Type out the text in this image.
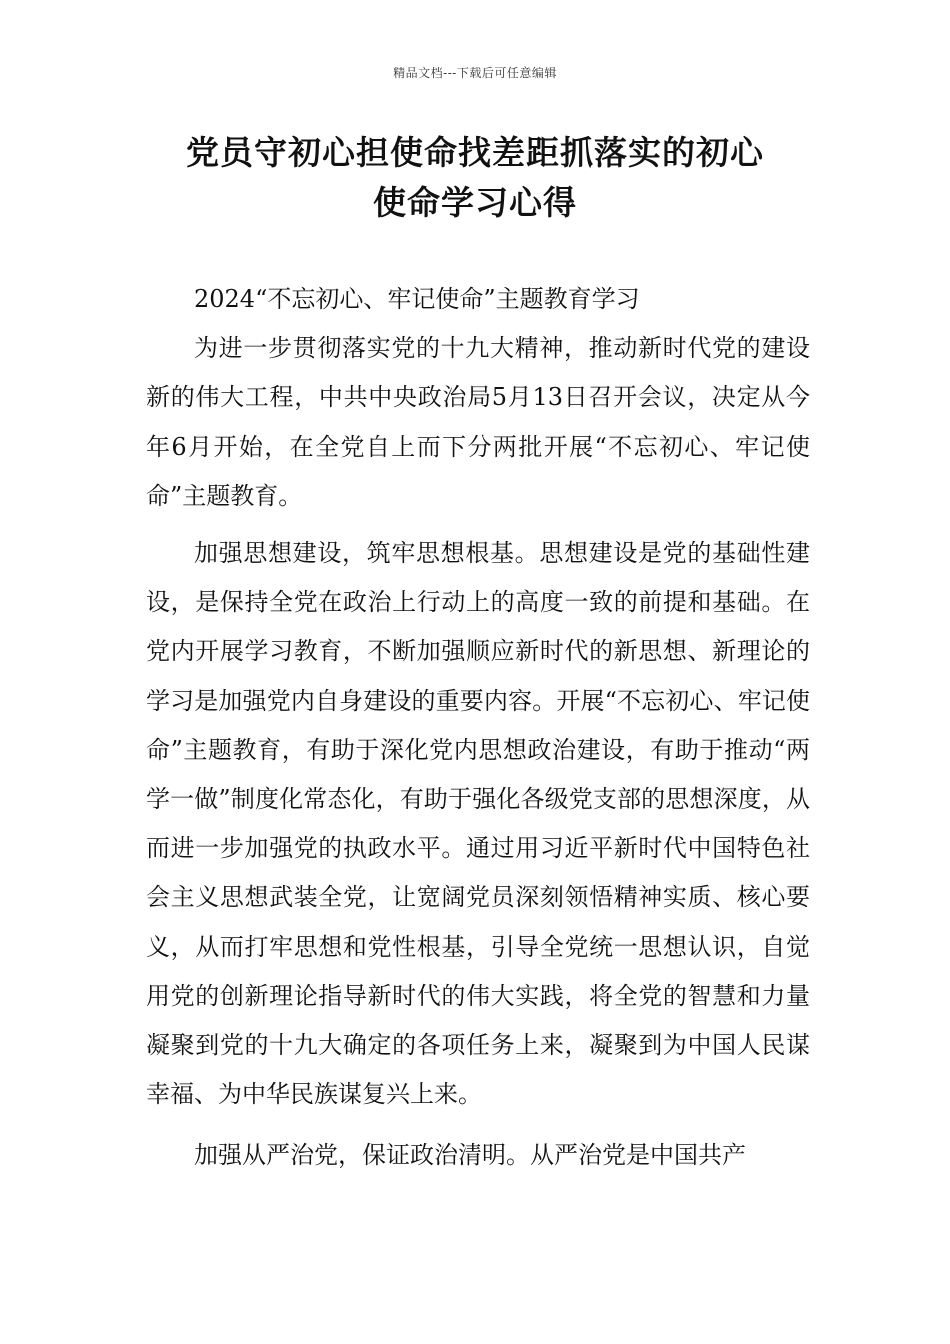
精品文档---下载后可任意编辑
党员守初心担使命找差距抓落实的初心
使命学习心得

2024“不忘初心、牢记使命”主题教育学习

为进一步贯彻落实党的十九大精神，推动新时代党的建设新的伟大工程，中共中央政治局5月13日召开会议，决定从今年6月开始，在全党自上而下分两批开展“不忘初心、牢记使命”主题教育。

加强思想建设，筑牢思想根基。思想建设是党的基础性建设，是保持全党在政治上行动上的高度一致的前提和基础。在党内开展学习教育，不断加强顺应新时代的新思想、新理论的学习是加强党内自身建设的重要内容。开展“不忘初心、牢记使命”主题教育，有助于深化党内思想政治建设，有助于推动“两学一做”制度化常态化，有助于强化各级党支部的思想深度，从而进一步加强党的执政水平。通过用习近平新时代中国特色社会主义思想武装全党，让宽阔党员深刻领悟精神实质、核心要义，从而打牢思想和党性根基，引导全党统一思想认识，自觉用党的创新理论指导新时代的伟大实践，将全党的智慧和力量凝聚到党的十九大确定的各项任务上来，凝聚到为中国人民谋幸福、为中华民族谋复兴上来。

加强从严治党，保证政治清明。从严治党是中国共产
